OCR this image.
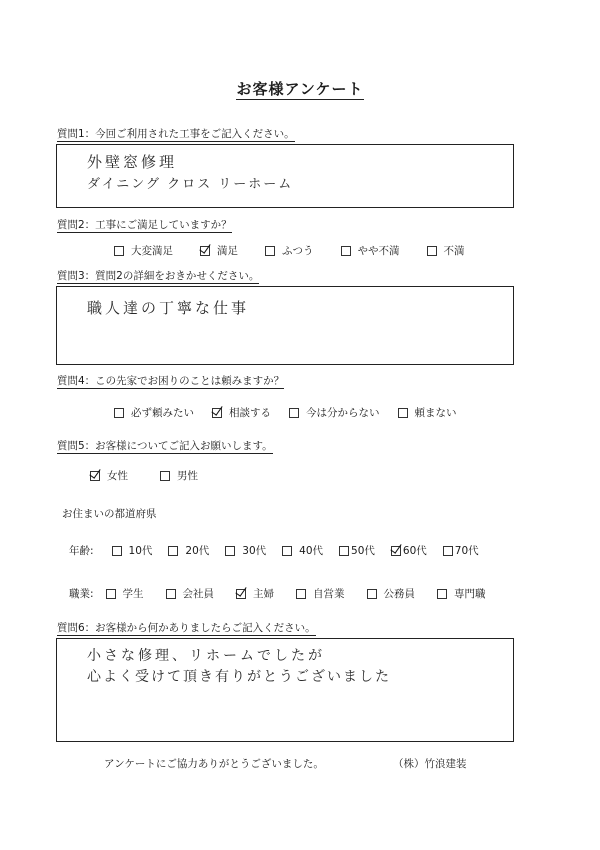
お客様アンケート
質問1：今回ご利用された工事をご記入ください。
外壁窓修理
ダイニング クロス リーホーム
質問2：工事にご満足していますか？
大変満足	満足	ふつう	やや不満	不満
質問3：質問2の詳細をおきかせください。
職人達の丁寧な仕事
質問4：この先家でお困りのことは頼みますか？
必ず頼みたい	相談する	今は分からない	頼まない
質問5：お客様についてご記入お願いします。
女性	男性
お住まいの都道府県
年齢:	10代	20代	30代	40代	50代	60代	70代
職業:	学生	会社員	主婦	自営業	公務員	専門職
質問6：お客様から何かありましたらご記入ください。
小さな修理、リホームでしたが
心よく受けて頂き有りがとうございました
アンケートにご協力ありがとうございました。	（株）竹浪建装
